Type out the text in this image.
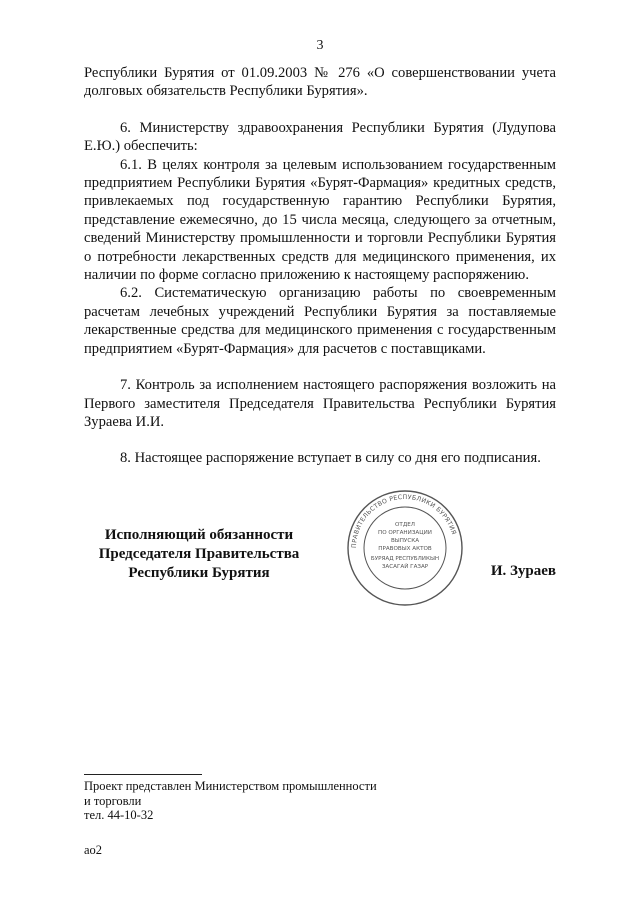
3

Республики Бурятия от 01.09.2003 № 276 «О совершенствовании учета долговых обязательств Республики Бурятия».

6. Министерству здравоохранения Республики Бурятия (Лудупова Е.Ю.) обеспечить:

6.1. В целях контроля за целевым использованием государственным предприятием Республики Бурятия «Бурят-Фармация» кредитных средств, привлекаемых под государственную гарантию Республики Бурятия, представление ежемесячно, до 15 числа месяца, следующего за отчетным, сведений Министерству промышленности и торговли Республики Бурятия о потребности лекарственных средств для медицинского применения, их наличии по форме согласно приложению к настоящему распоряжению.

6.2. Систематическую организацию работы по своевременным расчетам лечебных учреждений Республики Бурятия за поставляемые лекарственные средства для медицинского применения с государственным предприятием «Бурят-Фармация» для расчетов с поставщиками.

7. Контроль за исполнением настоящего распоряжения возложить на Первого заместителя Председателя Правительства Республики Бурятия Зураева И.И.

8. Настоящее распоряжение вступает в силу со дня его подписания.

Исполняющий обязанности
Председателя Правительства
Республики Бурятия
ПРАВИТЕЛЬСТВО РЕСПУБЛИКИ БУРЯТИЯ
ОТДЕЛ
ПО ОРГАНИЗАЦИИ
ВЫПУСКА
ПРАВОВЫХ АКТОВ
БУРЯАД РЕСПУБЛИКЫН
ЗАСАГАЙ ГАЗАР	И. Зураев
Проект представлен Министерством промышленности
и торговли
тел. 44-10-32
ao2
